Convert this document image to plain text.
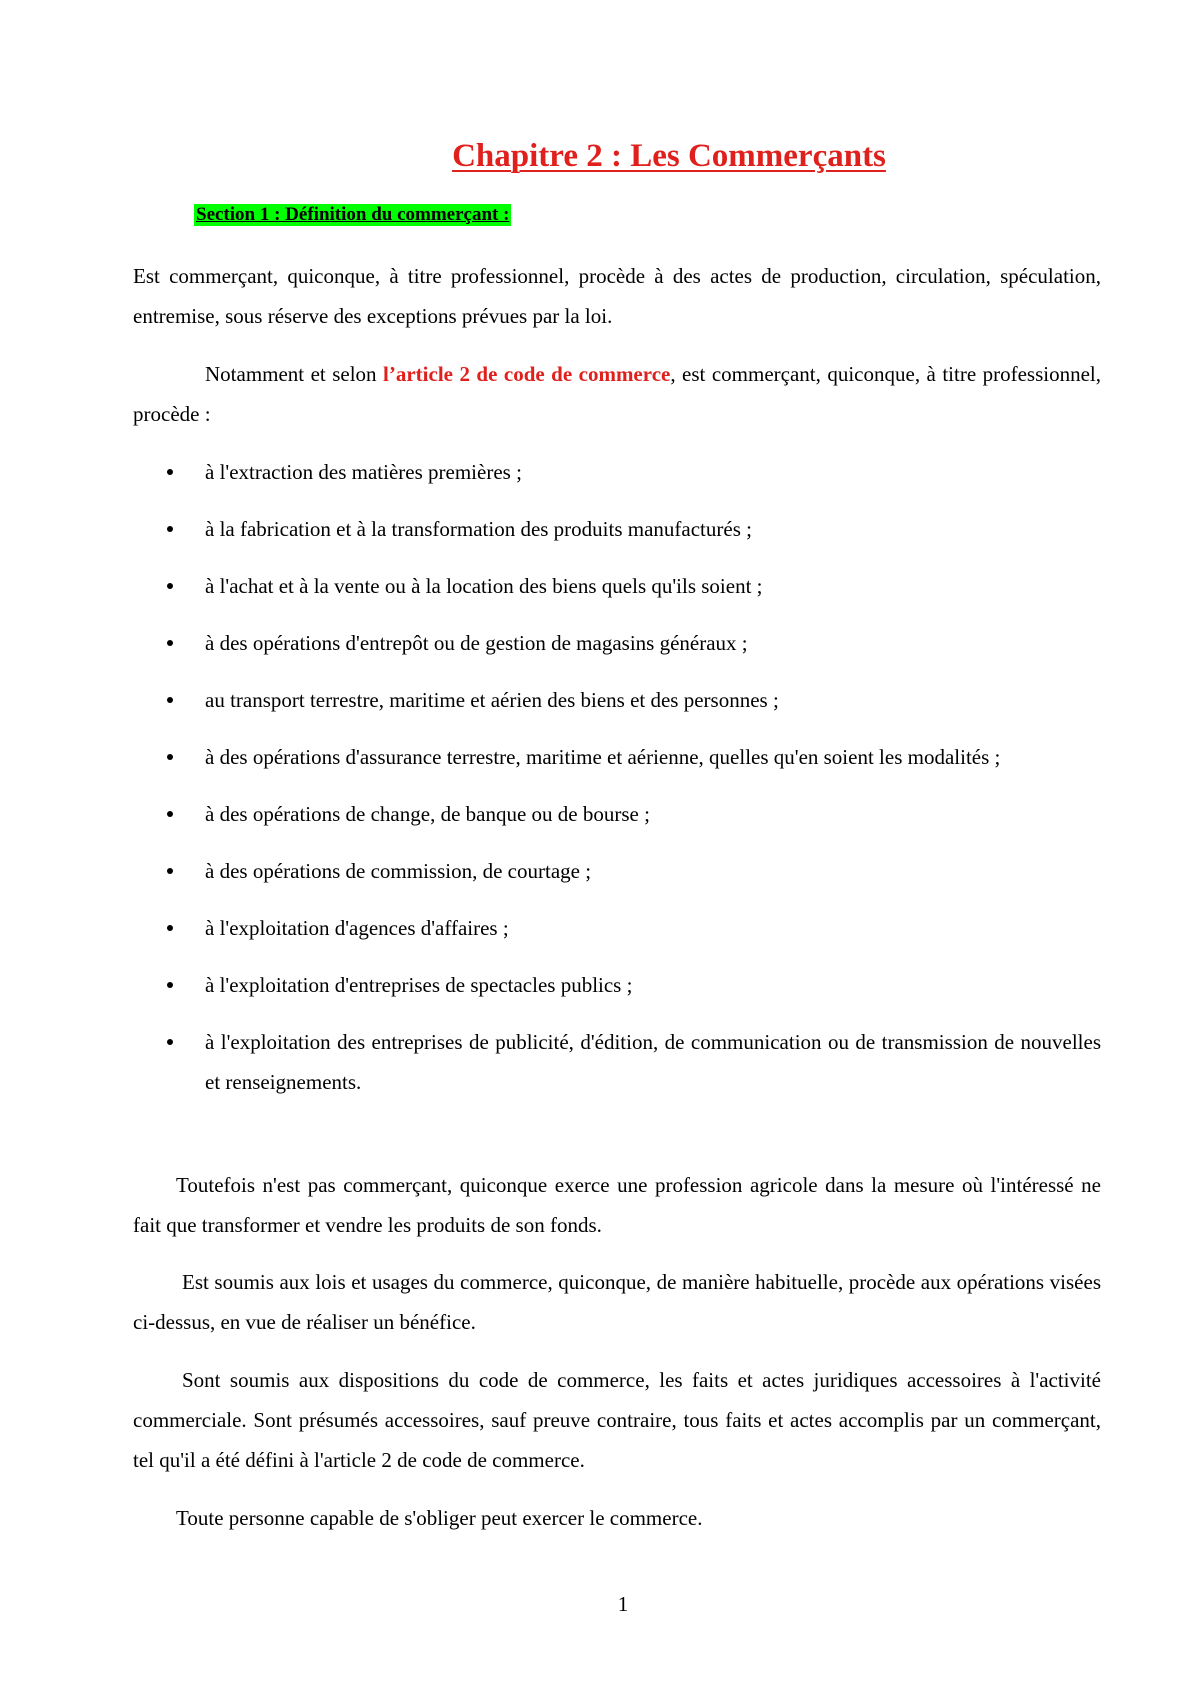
Chapitre 2 : Les Commerçants
Section 1 : Définition du commerçant :

Est commerçant, quiconque, à titre professionnel, procède à des actes de production, circulation, spéculation, entremise, sous réserve des exceptions prévues par la loi.

Notamment et selon l’article 2 de code de commerce, est commerçant, quiconque, à titre professionnel, procède :

à l'extraction des matières premières ;
à la fabrication et à la transformation des produits manufacturés ;
à l'achat et à la vente ou à la location des biens quels qu'ils soient ;
à des opérations d'entrepôt ou de gestion de magasins généraux ;
au transport terrestre, maritime et aérien des biens et des personnes ;
à des opérations d'assurance terrestre, maritime et aérienne, quelles qu'en soient les modalités ;
à des opérations de change, de banque ou de bourse ;
à des opérations de commission, de courtage ;
à l'exploitation d'agences d'affaires ;
à l'exploitation d'entreprises de spectacles publics ;
à l'exploitation des entreprises de publicité, d'édition, de communication ou de transmission de nouvelles et renseignements.

Toutefois n'est pas commerçant, quiconque exerce une profession agricole dans la mesure où l'intéressé ne fait que transformer et vendre les produits de son fonds.

Est soumis aux lois et usages du commerce, quiconque, de manière habituelle, procède aux opérations visées ci-dessus, en vue de réaliser un bénéfice.

Sont soumis aux dispositions du code de commerce, les faits et actes juridiques accessoires à l'activité commerciale. Sont présumés accessoires, sauf preuve contraire, tous faits et actes accomplis par un commerçant, tel qu'il a été défini à l'article 2 de code de commerce.

Toute personne capable de s'obliger peut exercer le commerce.

1
